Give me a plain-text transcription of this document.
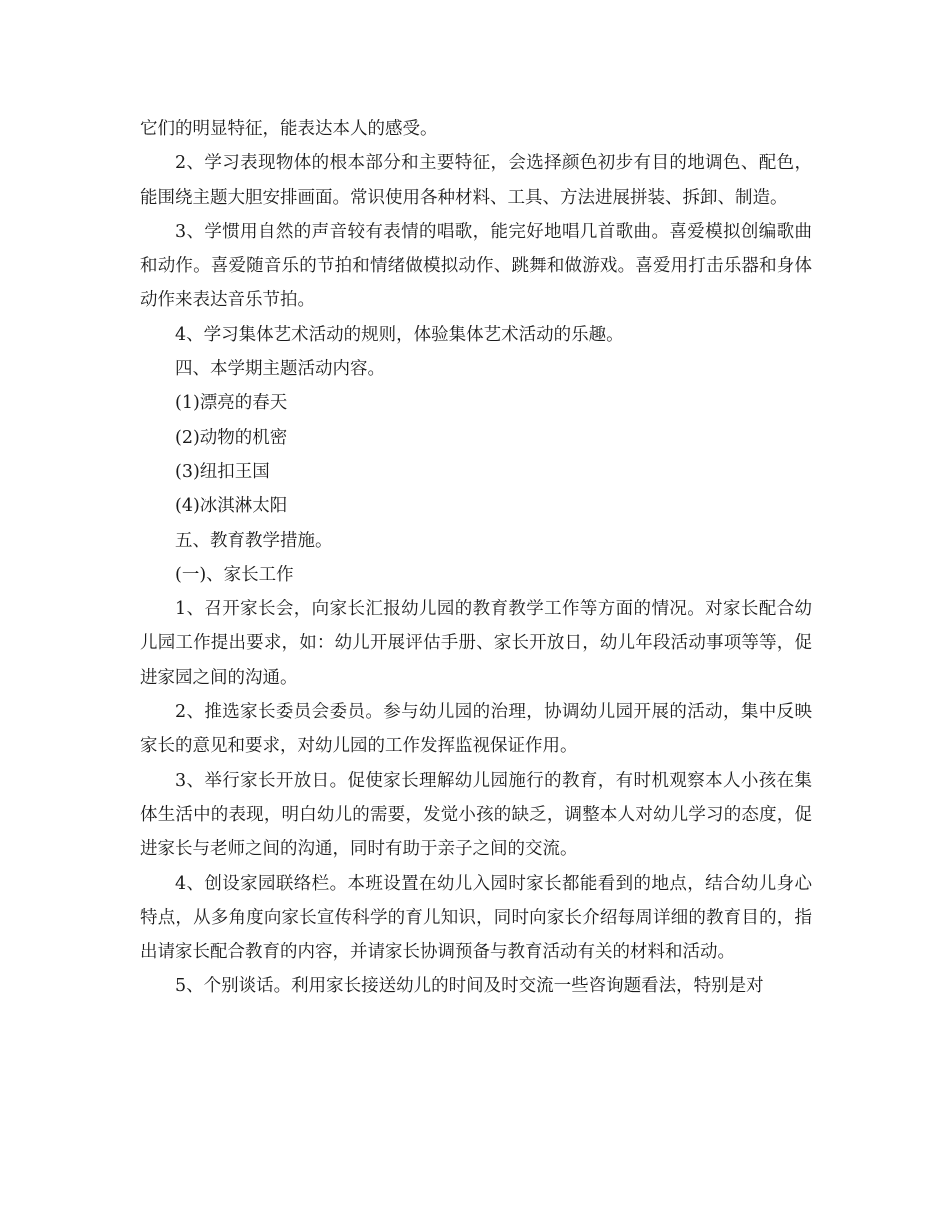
它们的明显特征，能表达本人的感受。

2、学习表现物体的根本部分和主要特征，会选择颜色初步有目的地调色、配色，能围绕主题大胆安排画面。常识使用各种材料、工具、方法进展拼装、拆卸、制造。

3、学惯用自然的声音较有表情的唱歌，能完好地唱几首歌曲。喜爱模拟创编歌曲和动作。喜爱随音乐的节拍和情绪做模拟动作、跳舞和做游戏。喜爱用打击乐器和身体动作来表达音乐节拍。

4、学习集体艺术活动的规则，体验集体艺术活动的乐趣。

四、本学期主题活动内容。

(1)漂亮的春天

(2)动物的机密

(3)纽扣王国

(4)冰淇淋太阳

五、教育教学措施。

(一)、家长工作

1、召开家长会，向家长汇报幼儿园的教育教学工作等方面的情况。对家长配合幼儿园工作提出要求，如：幼儿开展评估手册、家长开放日，幼儿年段活动事项等等，促进家园之间的沟通。

2、推选家长委员会委员。参与幼儿园的治理，协调幼儿园开展的活动，集中反映家长的意见和要求，对幼儿园的工作发挥监视保证作用。

3、举行家长开放日。促使家长理解幼儿园施行的教育，有时机观察本人小孩在集体生活中的表现，明白幼儿的需要，发觉小孩的缺乏，调整本人对幼儿学习的态度，促进家长与老师之间的沟通，同时有助于亲子之间的交流。

4、创设家园联络栏。本班设置在幼儿入园时家长都能看到的地点，结合幼儿身心特点，从多角度向家长宣传科学的育儿知识，同时向家长介绍每周详细的教育目的，指出请家长配合教育的内容，并请家长协调预备与教育活动有关的材料和活动。

5、个别谈话。利用家长接送幼儿的时间及时交流一些咨询题看法，特别是对
